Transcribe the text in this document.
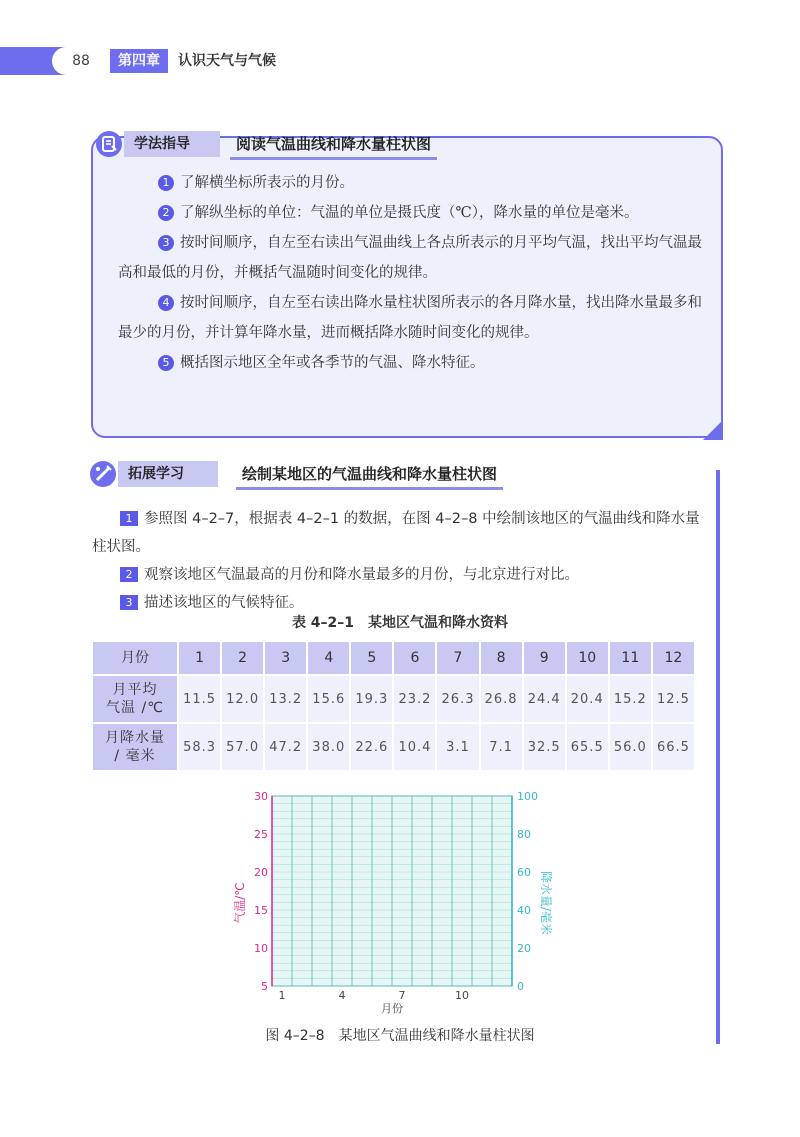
88	第四章	认识天气与气候
学法指导	阅读气温曲线和降水量柱状图

1 了解横坐标所表示的月份。

2 了解纵坐标的单位：气温的单位是摄氏度（℃），降水量的单位是毫米。

3 按时间顺序，自左至右读出气温曲线上各点所表示的月平均气温，找出平均气温最高和最低的月份，并概括气温随时间变化的规律。

4 按时间顺序，自左至右读出降水量柱状图所表示的各月降水量，找出降水量最多和最少的月份，并计算年降水量，进而概括降水随时间变化的规律。

5 概括图示地区全年或各季节的气温、降水特征。

拓展学习	绘制某地区的气温曲线和降水量柱状图

1 参照图 4–2–7，根据表 4–2–1 的数据，在图 4–2–8 中绘制该地区的气温曲线和降水量柱状图。

2 观察该地区气温最高的月份和降水量最多的月份，与北京进行对比。

3 描述该地区的气候特征。

表 4–2–1　某地区气温和降水资料
月份	1	2	3	4	5	6	7	8	9	10	11	12
月平均
气温 /℃	11.5	12.0	13.2	15.6	19.3	23.2	26.3	26.8	24.4	20.4	15.2	12.5
月降水量
/ 毫米	58.3	57.0	47.2	38.0	22.6	10.4	3.1	7.1	32.5	65.5	56.0	66.5
30
25
20
15
10
5
100
80
60
40
20
0
1	4	7	10
月份
气温/℃	降水量/毫米
图 4–2–8　某地区气温曲线和降水量柱状图
